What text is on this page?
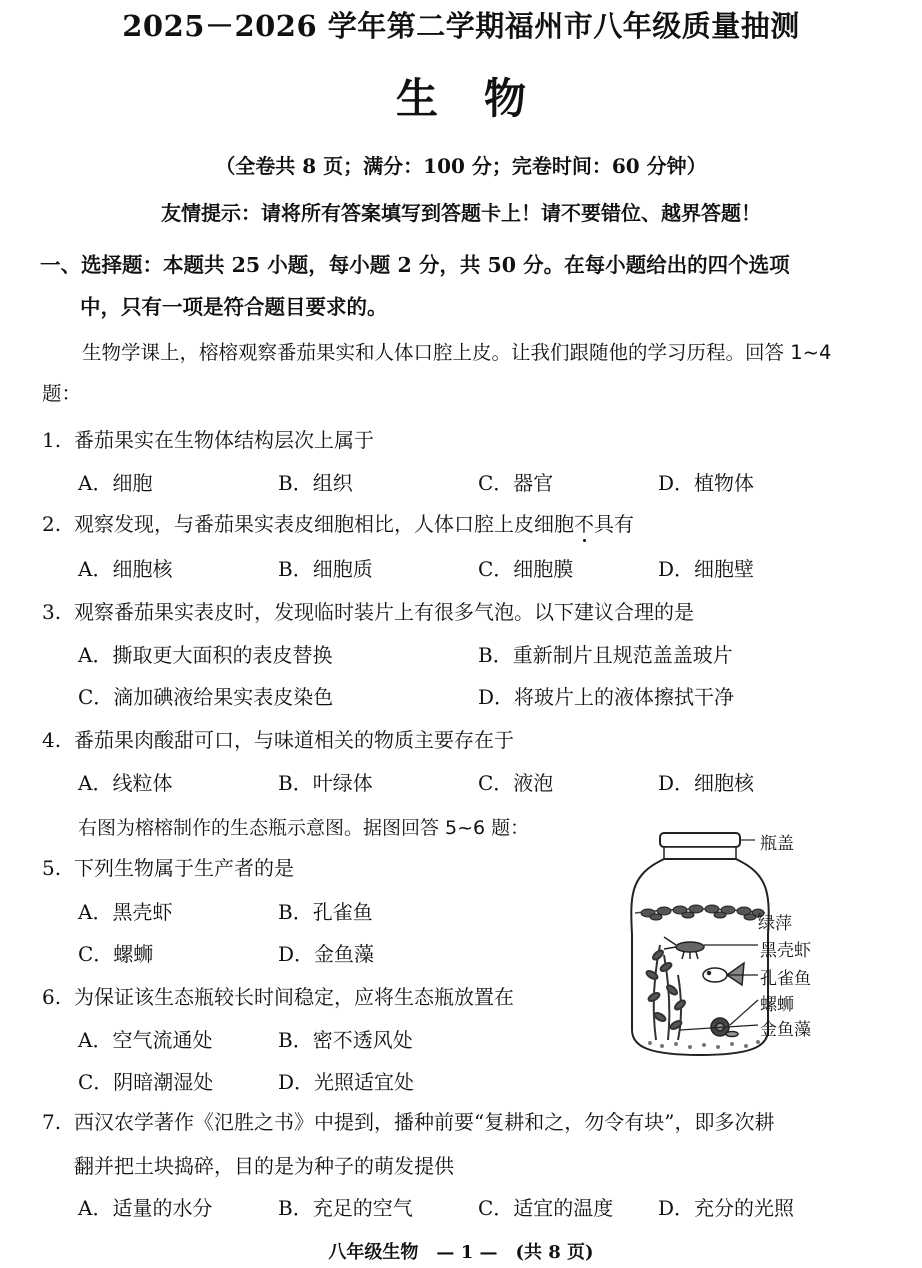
2025－2026 学年第二学期福州市八年级质量抽测
生物
（全卷共 8 页；满分：100 分；完卷时间：60 分钟）
友情提示：请将所有答案填写到答题卡上！请不要错位、越界答题！
一、选择题：本题共 25 小题，每小题 2 分，共 50 分。在每小题给出的四个选项
中，只有一项是符合题目要求的。
生物学课上，榕榕观察番茄果实和人体口腔上皮。让我们跟随他的学习历程。回答 1~4 题：
1. 番茄果实在生物体结构层次上属于
A．细胞	B．组织	C．器官	D．植物体
2. 观察发现，与番茄果实表皮细胞相比，人体口腔上皮细胞不具有
A．细胞核	B．细胞质	C．细胞膜	D．细胞壁
3. 观察番茄果实表皮时，发现临时装片上有很多气泡。以下建议合理的是
A．撕取更大面积的表皮替换	B．重新制片且规范盖盖玻片
C．滴加碘液给果实表皮染色	D．将玻片上的液体擦拭干净
4. 番茄果肉酸甜可口，与味道相关的物质主要存在于
A．线粒体	B．叶绿体	C．液泡	D．细胞核
右图为榕榕制作的生态瓶示意图。据图回答 5~6 题：
5. 下列生物属于生产者的是
A．黑壳虾	B．孔雀鱼
C．螺蛳	D．金鱼藻
6. 为保证该生态瓶较长时间稳定，应将生态瓶放置在
A．空气流通处	B．密不透风处
C．阴暗潮湿处	D．光照适宜处
7. 西汉农学著作《氾胜之书》中提到，播种前要“复耕和之，勿令有块”，即多次耕
翻并把土块捣碎，目的是为种子的萌发提供
A．适量的水分	B．充足的空气	C．适宜的温度 D．充分的光照
瓶盖
绿萍
黑壳虾
孔雀鱼
螺蛳
金鱼藻
八年级生物　— 1 —　(共 8 页)
